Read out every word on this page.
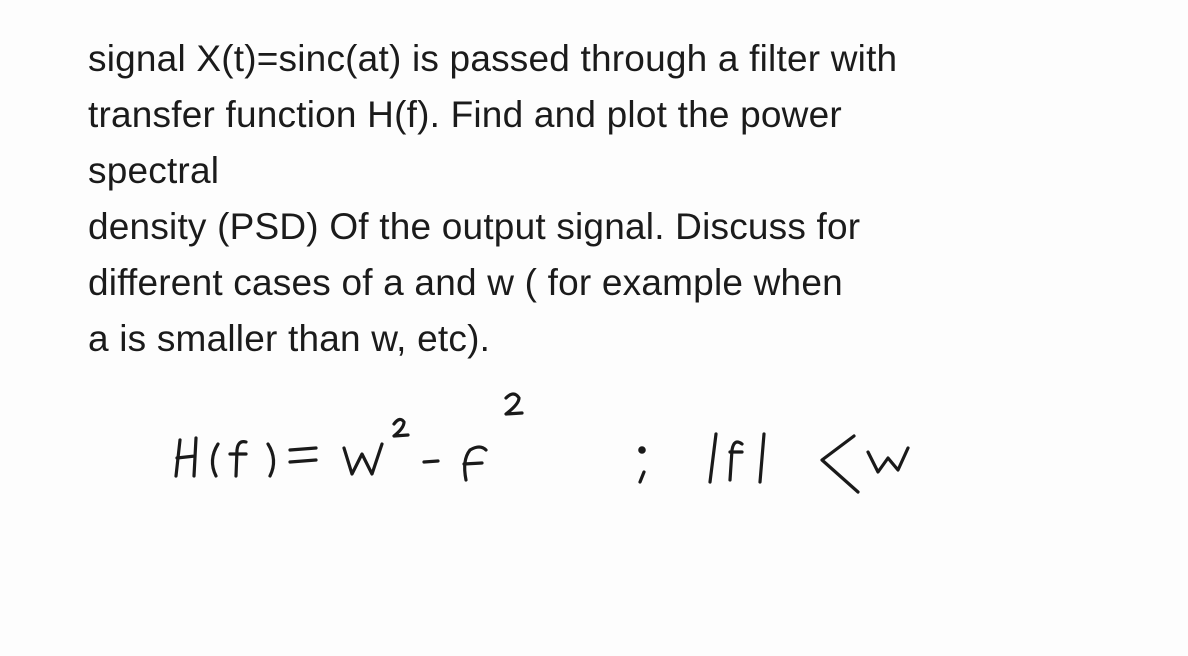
signal X(t)=sinc(at) is passed through a filter with
transfer function H(f). Find and plot the power
spectral
density (PSD) Of the output signal. Discuss for
different cases of a and w ( for example when
a is smaller than w, etc).
